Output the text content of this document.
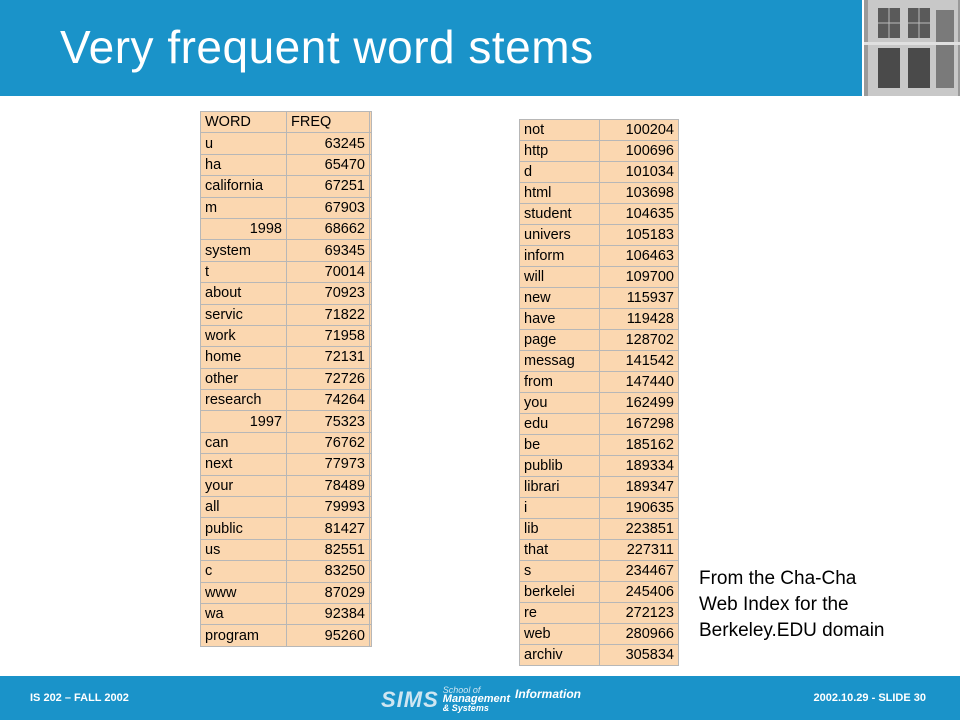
Very frequent word stems
WORD	FREQ	
u	63245	
ha	65470	
california	67251	
m	67903	
1998	68662	
system	69345	
t	70014	
about	70923	
servic	71822	
work	71958	
home	72131	
other	72726	
research	74264	
1997	75323	
can	76762	
next	77973	
your	78489	
all	79993	
public	81427	
us	82551	
c	83250	
www	87029	
wa	92384	
program	95260	
not	100204
http	100696
d	101034
html	103698
student	104635
univers	105183
inform	106463
will	109700
new	115937
have	119428
page	128702
messag	141542
from	147440
you	162499
edu	167298
be	185162
publib	189334
librari	189347
i	190635
lib	223851
that	227311
s	234467
berkelei	245406
re	272123
web	280966
archiv	305834
From the Cha-Cha
Web Index for the
Berkeley.EDU domain
IS 202 – FALL 2002	SIMS School of
Management & Systems
Information	2002.10.29 - SLIDE 30
